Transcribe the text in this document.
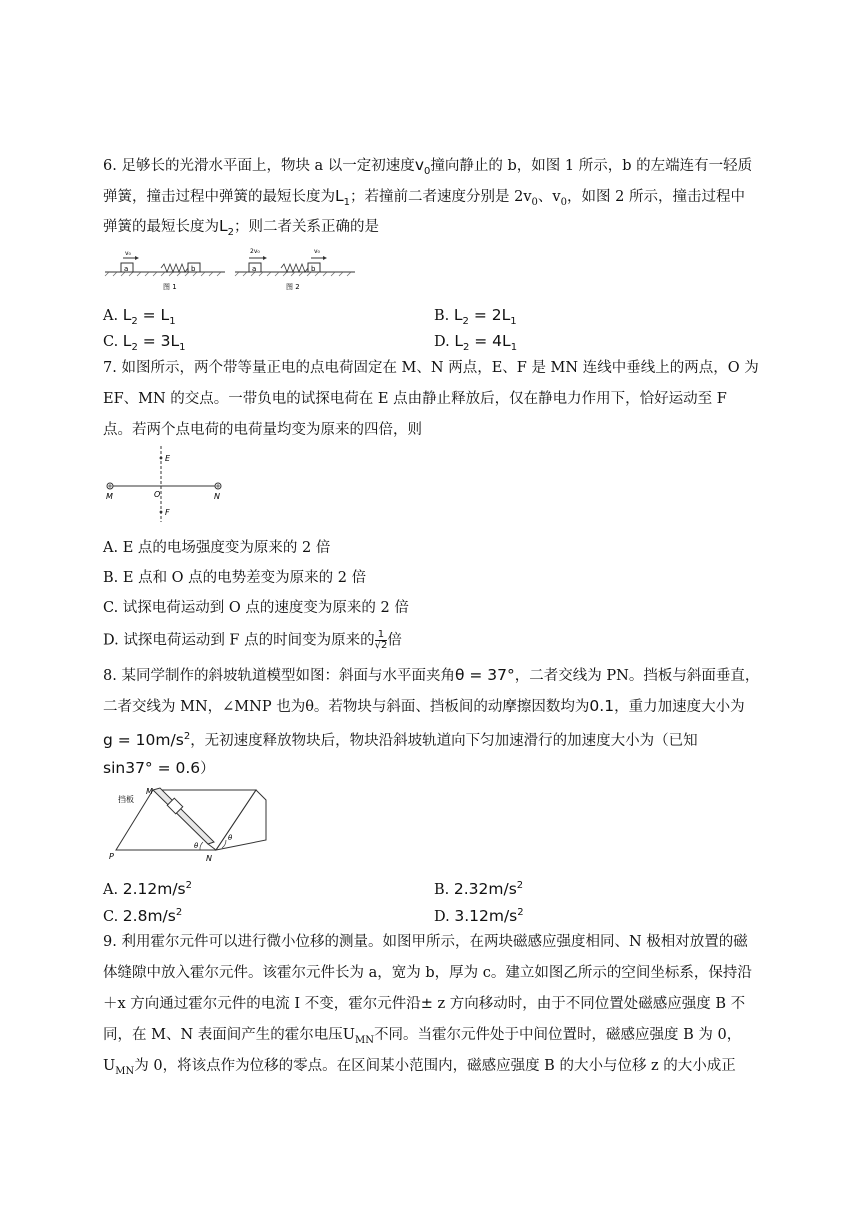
6. 足够长的光滑水平面上，物块 a 以一定初速度$v_0$撞向静止的 b，如图 1 所示，b 的左端连有一轻质
弹簧，撞击过程中弹簧的最短长度为$L_1$；若撞前二者速度分别是 $2v_0$、$v_0$，如图 2 所示，撞击过程中
弹簧的最短长度为$L_2$；则二者关系正确的是
a
v₀
b
图 1
a
2v₀
b
v₀
图 2
A. $L_2 = L_1$	B. $L_2 = 2L_1$
C. $L_2 = 3L_1$	D. $L_2 = 4L_1$
7. 如图所示，两个带等量正电的点电荷固定在 M、N 两点，E、F 是 MN 连线中垂线上的两点，O 为
EF、MN 的交点。一带负电的试探电荷在 E 点由静止释放后，仅在静电力作用下，恰好运动至 F
点。若两个点电荷的电荷量均变为原来的四倍，则
M	N
O
E
F
A. E 点的电场强度变为原来的 2 倍
B. E 点和 O 点的电势差变为原来的 2 倍
C. 试探电荷运动到 O 点的速度变为原来的 2 倍
D. 试探电荷运动到 F 点的时间变为原来的 $\frac{1}{√2}$ 倍
8. 某同学制作的斜坡轨道模型如图：斜面与水平面夹角θ = 37°，二者交线为 PN。挡板与斜面垂直，
二者交线为 MN，∠MNP 也为θ。若物块与斜面、挡板间的动摩擦因数均为0.1，重力加速度大小为
$g = 10m/s^2$，无初速度释放物块后，物块沿斜坡轨道向下匀加速滑行的加速度大小为（已知
sin37° = 0.6）
挡板
M
N
P
θ
θ
A. $2.12m/s^2$	B. $2.32m/s^2$
C. $2.8m/s^2$	D. $3.12m/s^2$
9. 利用霍尔元件可以进行微小位移的测量。如图甲所示，在两块磁感应强度相同、N 极相对放置的磁
体缝隙中放入霍尔元件。该霍尔元件长为 a，宽为 b，厚为 c。建立如图乙所示的空间坐标系，保持沿
＋x 方向通过霍尔元件的电流 I 不变，霍尔元件沿± z 方向移动时，由于不同位置处磁感应强度 B 不
同，在 M、N 表面间产生的霍尔电压$U_{MN}$不同。当霍尔元件处于中间位置时，磁感应强度 B 为 0，
$U_{MN}$为 0，将该点作为位移的零点。在区间某小范围内，磁感应强度 B 的大小与位移 z 的大小成正
